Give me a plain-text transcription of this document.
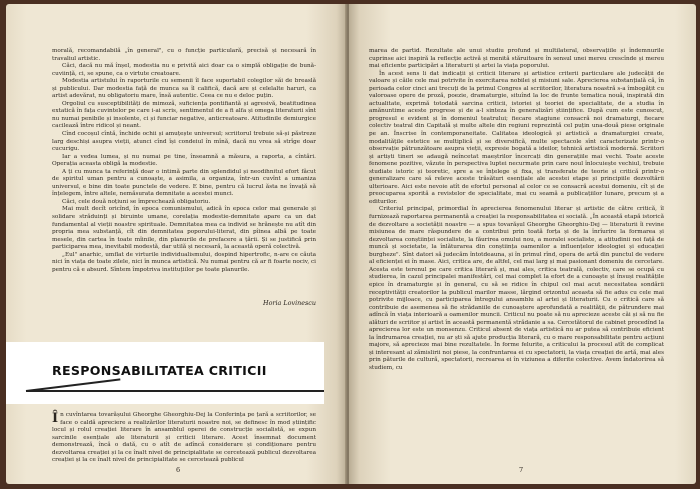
morală, recomandabilă „în general", cu o funcție particulară, precisă și necesară în travaliul artistic.

Căci, dacă nu mă înșel, modestia nu e privită aici doar ca o simplă obligație de bună-cuviință, ci, se spune, ca o virtute creatoare.

Modestia artistului în raporturile cu semenii îl face suportabil colegilor săi de breaslă și publicului. Dar modestia față de munca sa îl califică, dacă are și celelalte haruri, ca artist adevărat, nu obligatoriu mare, însă autentic. Ceea ce nu e deloc puțin.

Orgoliul cu susceptibilități de mimoză, suficiența pontifiantă și agresivă, beatitudinea extatică în fața cuvintelor pe care i-ai scris, sentimentul de a fi alfa și omega literaturii sînt nu numai penibile și insolente, ci și funciar negative, anticreatoare. Atitudinile demiurgice cacilează între ridicol și neant.

Cînd cocoșul cîntă, închide ochii și amuțește universul; scriitorul trebuie să-și păstreze larg deschiși asupra vieții, atunci cînd își condeiul în mînă, dacă nu vrea să strîge doar cucurigu.

Iar a vedea lumea, și nu numai pe tine, înseamnă a măsura, a raporta, a cîntări. Operația aceasta obligă la modestie.

A ți cu munca ta referință doar o intimă parte din splendidul și neodihnitul efort făcut de spiritul uman pentru a cunoaște, a asimila, a organiza, într-un cuvînt a umaniza universul, e bine din toate punctele de vedere. E bine, pentru că lucrul ăsta ne învață să înțelegem, între altele, nemăsurata demnitate a acestei munci.

Căci, cele două noțiuni se împrechează obligatoriu.

Mai mult decît oricînd, în epoca comunismului, adică în epoca celor mai generale și solidare străduinți și biruinte umane, corelația modestie-demnitate apare ca un dat fundamental al vieții noastre spirituale. Demnitatea mea ca individ se hrănește nu atît din propria mea substanță, cît din demnitatea poporului-literat, din pîinea albă pe toate mesele, din cartea în toate mîinile, din planurile de prefacere a țării. Și se justifică prin participarea mea, inevitabil modestă, dar utilă și necesară, la această operă colectivă.

„Eul" anarhic, umflat de virturile individualismului, dospind hipertrofic, n-are ce căuta nici în viața de toate zilele, nici în munca artistică. Nu numai pentru că ar fi foarte nociv, ci pentru că e absurd. Sîntem împotriva instituțiilor pe toate planurile.

Horia Lovinescu
RESPONSABILITATEA CRITICII

În cuvîntarea tovarășului Gheorghe Gheorghiu-Dej la Conferința pe țară a scriitorilor, se face o caldă apreciere a realizărilor literaturii noastre noi, se definesc în mod științific locul și rolul creației literare în ansamblul operei de construcție socialistă, se expun sarcinile esențiale ale literaturii și criticii literare. Acest însemnat document demonstrează, încă o dată, cu o atît de adîncă considerare și condiționare pentru dezvoltarea creației și la ce înalt nivel de principialitate se cercetează publicul dezvoltarea creației și la ce înalt nivel de principialitate se cercetează publicul

6

marea de partid. Rezultate ale unui studiu profund și multilateral, observațiile și îndemnurile cuprinse aici inspiră la reflecție activă și menită stăruitoare în sensul unei mereu crescînde și mereu mai eficiente participări a literaturii și artei la viața poporului.

În acest sens li dat indicații și criticii literare și artistice criterii particulare ale judecății de valoare și căile cele mai potrivite în exercitarea nobilei și misiuni sale. Aprecierea substanțială că, în perioada celor cinci ani trecuți de la primul Congres al scriitorilor, literatura noastră s-a îmbogățit cu valoroase opere de proză, poezie, dramaturgie, situînd la loc de frunte tematica nouă, inspirată din actualitate, exprimă totodată sarcina criticii, istoriei și teoriei de specialitate, de a studia în amănuntime aceste progrese și de a-l sinteza în generalizări științifice. După cum este cunoscut, progresul e evident și în domeniul teatrului; fiecare stagiune consacră noi dramaturgi, fiecare colectiv teatral din Capitală și multe altele din regiuni reprezintă cel puțin una-două piese originale pe an. Înscrise în contemporaneitate. Calitatea ideologică și artistică a dramaturgiei create, modalitățile estetice se multiplică și se diversifică, multe spectacole sînt caracterizate printr-o observație pătrunzătoare asupra vieții, expresie bogată a ideilor, tehnică artistică modernă. Scriitori și artiști tineri se adaugă neîncetat maeștrilor încercați din generațiile mai vechi. Toate aceste fenomene pozitive, văzute în perspectiva luptei necurmate prin care noul înlocuiește vechiul, trebuie studiate istoric și teoretic, spre a se înțelege și fixa, și transferate de teorie și critică printr-o generalizare care să releve aceste trăsături esențiale ale acestei etape și principiile dezvoltării ulterioare. Aici este nevoie atît de efortul personal al celor ce se consacră acestui domeniu, cît și de preocuparea sporită a revistelor de specialitate, mai cu seamă a publicațiilor lunare, precum și a editurilor.

Criteriul principal, primordial în aprecierea fenomenului literar și artistic de către critică, îl furnizează raportarea permanentă a creației la responsabilitatea ei socială. „În această etapă istorică de dezvoltare a societății noastre — a spus tovarășul Gheorghe Gheorghiu-Dej — literaturii îi revine misiunea de mare răspundere de a contribui prin toată forța și de la înrîurire la formarea și dezvoltarea conștiinței socialiste, la făurirea omului nou, a moralei socialiste, a atitudinii noi față de muncă și societate, la înlăturarea din conștiința oamenilor a influențelor ideologiei și educației burgheze". Sînt datori să judecăm întotdeauna, și în primul rînd, opera de artă din punctul de vedere al eficienței ei în mase. Aici, critica are, de altfel, cel mai larg și mai pasionant domeniu de cercetare. Acesta este terenul pe care critica literară și, mai ales, critica teatrală, colectiv, care se ocupă cu studierea, în cazul principalei manifestări, cel mai complet la efort de a cunoaște și însuși realitățile epice în dramaturgie și în general, cu să se ridice în chipul cel mai acut necesitatea sondării receptivității creatorilor la publicul marilor masse, lărgind orizontul aceasta să fie adus cu cele mai potrivite mijloace, cu participarea întregului ansamblu al artei și literaturii. Cu o critică care să contribuie de asemenea să fie strădaniile de cunoaștere aprofundată a realității, de pătrundere mai adîncă în viața interioară a oamenilor muncii. Criticul nu poate să nu aprecieze aceste căi și să nu fie alături de scriitor și artist în această permanentă strădanie a sa. Cercetătorul de cabinet procedînd la aprecierea lor este un monsenzu. Criticul absent de viața artistică nu ar putea să contribuie eficient la îndrumarea creației, nu ar ști să ajute producția literară, cu o mare responsabilitate pentru acțiuni majore, să aprecieze mai bine rezultatele. În forme felurite, a criticului la procesul atît de complicat și interesant al zămislirii noi piese, la confruntarea ei cu spectatorii, la viața creației de artă, mai ales prin păturile de cultură, spectatorii, recrearea ei în viziunea a diferite colective. Avem îndatorirea să studiem, cu

7
